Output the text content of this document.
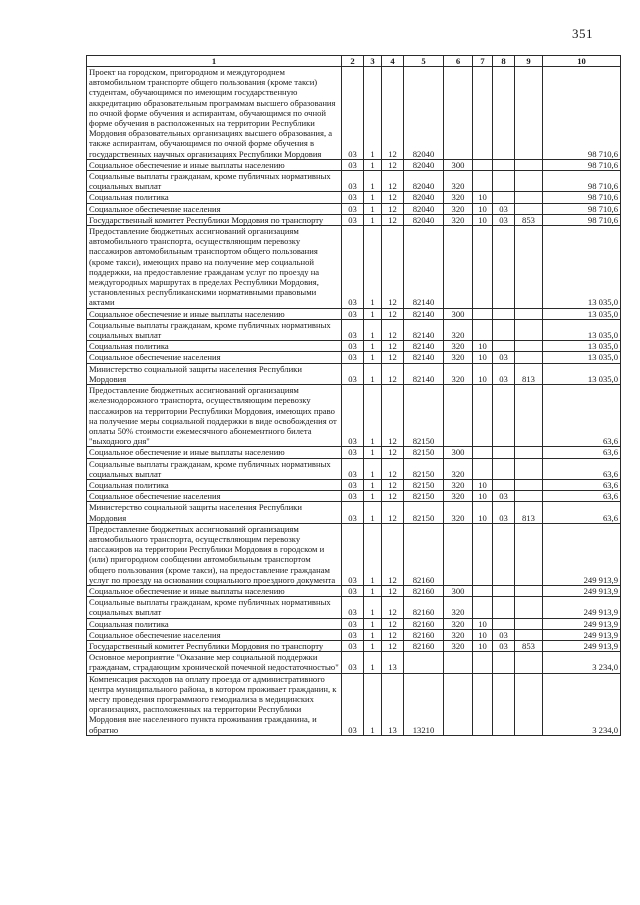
351
1	2	3	4	5	6	7	8	9	10
Проект на городском, пригородном и междугороднем автомобильном транспорте общего пользования (кроме такси) студентам, обучающимся по имеющим государственную аккредитацию образовательным программам высшего образования по очной форме обучения и аспирантам, обучающимся по очной форме обучения в расположенных на территории Республики Мордовия образовательных организациях высшего образования, а также аспирантам, обучающимся по очной форме обучения в государственных научных организациях Республики Мордовия	03	1	12	82040					98 710,6
Социальное обеспечение и иные выплаты населению	03	1	12	82040	300				98 710,6
Социальные выплаты гражданам, кроме публичных нормативных социальных выплат	03	1	12	82040	320				98 710,6
Социальная политика	03	1	12	82040	320	10			98 710,6
Социальное обеспечение населения	03	1	12	82040	320	10	03		98 710,6
Государственный комитет Республики Мордовия по транспорту	03	1	12	82040	320	10	03	853	98 710,6
Предоставление бюджетных ассигнований организациям автомобильного транспорта, осуществляющим перевозку пассажиров автомобильным транспортом общего пользования (кроме такси), имеющих право на получение мер социальной поддержки, на предоставление гражданам услуг по проезду на междугородных маршрутах в пределах Республики Мордовия, установленных республиканскими нормативными правовыми актами	03	1	12	82140					13 035,0
Социальное обеспечение и иные выплаты населению	03	1	12	82140	300				13 035,0
Социальные выплаты гражданам, кроме публичных нормативных социальных выплат	03	1	12	82140	320				13 035,0
Социальная политика	03	1	12	82140	320	10			13 035,0
Социальное обеспечение населения	03	1	12	82140	320	10	03		13 035,0
Министерство социальной защиты населения Республики Мордовия	03	1	12	82140	320	10	03	813	13 035,0
Предоставление бюджетных ассигнований организациям железнодорожного транспорта, осуществляющим перевозку пассажиров на территории Республики Мордовия, имеющих право на получение меры социальной поддержки в виде освобождения от оплаты 50% стоимости ежемесячного абонементного билета "выходного дня"	03	1	12	82150					63,6
Социальное обеспечение и иные выплаты населению	03	1	12	82150	300				63,6
Социальные выплаты гражданам, кроме публичных нормативных социальных выплат	03	1	12	82150	320				63,6
Социальная политика	03	1	12	82150	320	10			63,6
Социальное обеспечение населения	03	1	12	82150	320	10	03		63,6
Министерство социальной защиты населения Республики Мордовия	03	1	12	82150	320	10	03	813	63,6
Предоставление бюджетных ассигнований организациям автомобильного транспорта, осуществляющим перевозку пассажиров на территории Республики Мордовия в городском и (или) пригородном сообщении автомобильным транспортом общего пользования (кроме такси), на предоставление гражданам услуг по проезду на основании социального проездного документа	03	1	12	82160					249 913,9
Социальное обеспечение и иные выплаты населению	03	1	12	82160	300				249 913,9
Социальные выплаты гражданам, кроме публичных нормативных социальных выплат	03	1	12	82160	320				249 913,9
Социальная политика	03	1	12	82160	320	10			249 913,9
Социальное обеспечение населения	03	1	12	82160	320	10	03		249 913,9
Государственный комитет Республики Мордовия по транспорту	03	1	12	82160	320	10	03	853	249 913,9
Основное мероприятие "Оказание мер социальной поддержки гражданам, страдающим хронической почечной недостаточностью"	03	1	13						3 234,0
Компенсация расходов на оплату проезда от административного центра муниципального района, в котором проживает гражданин, к месту проведения программного гемодиализа в медицинских организациях, расположенных на территории Республики Мордовия вне населенного пункта проживания гражданина, и обратно	03	1	13	13210					3 234,0
